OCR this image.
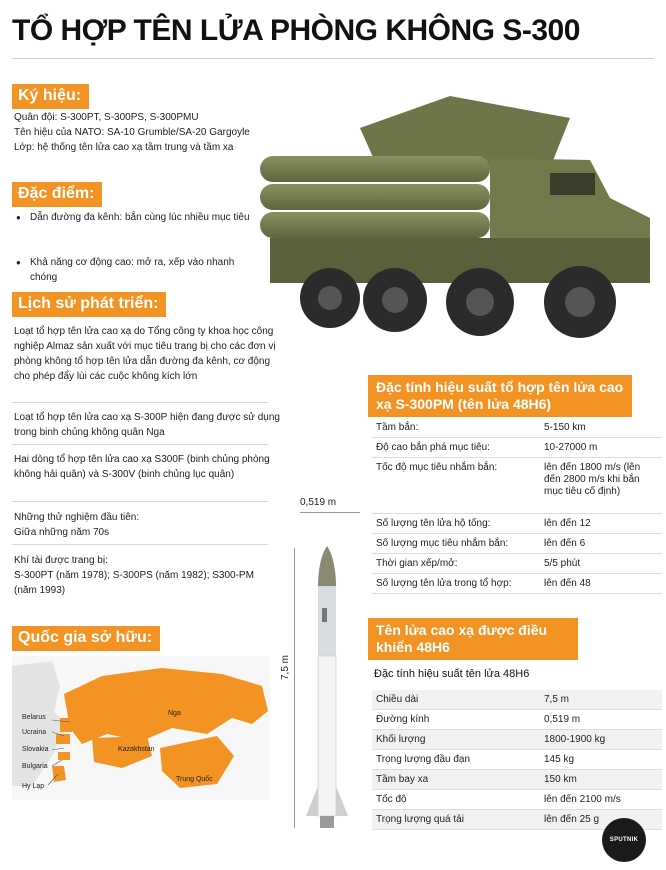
TỔ HỢP TÊN LỬA PHÒNG KHÔNG S-300
Ký hiệu:
Quân đội: S-300PT, S-300PS, S-300PMU
Tên hiệu của NATO: SA-10 Grumble/SA-20 Gargoyle
Lớp: hệ thống tên lửa cao xạ tầm trung và tầm xa
Đặc điểm:
● Dẫn đường đa kênh: bắn cùng lúc nhiều mục tiêu
● Khả năng cơ động cao: mở ra, xếp vào nhanh chóng
Lịch sử phát triển:
Loạt tổ hợp tên lửa cao xạ do Tổng công ty khoa học công nghiệp Almaz sản xuất với mục tiêu trang bị cho các đơn vị phòng không tổ hợp tên lửa dẫn đường đa kênh, cơ động cho phép đẩy lùi các cuộc không kích lớn
Loạt tổ hợp tên lửa cao xạ S-300P hiện đang được sử dụng trong binh chủng không quân Nga
Hai dòng tổ hợp tên lửa cao xạ S300F (binh chủng phòng không hải quân) và S-300V (binh chủng lục quân)
Những thử nghiệm đầu tiên:
Giữa những năm 70s
Khí tài được trang bị:
S-300PT (năm 1978); S-300PS (năm 1982); S300-PM (năm 1993)
Quốc gia sở hữu:
Belarus
Ucraina
Slovakia
Bulgaria
Hy Lạp
Nga
Kazakhstan
Trung Quốc
0,519 m
7,5 m
Đặc tính hiệu suất tổ hợp tên lửa cao xạ S-300PM (tên lửa 48H6)
Tầm bắn:	5-150 km
Độ cao bắn phá mục tiêu:	10-27000 m
Tốc độ mục tiêu nhắm bắn:	lên đến 1800 m/s (lên đến 2800 m/s khi bắn mục tiêu cố định)
Số lượng tên lửa hộ tống:	lên đến 12
Số lượng mục tiêu nhắm bắn:	lên đến 6
Thời gian xếp/mở:	5/5 phút
Số lượng tên lửa trong tổ hợp:	lên đến 48
Tên lửa cao xạ được điều khiển 48H6
Đặc tính hiệu suất tên lửa 48H6
Chiều dài	7,5 m
Đường kính	0,519 m
Khối lượng	1800-1900 kg
Trọng lượng đầu đạn	145 kg
Tầm bay xa	150 km
Tốc độ	lên đến 2100 m/s
Trọng lượng quá tải	lên đến 25 g
SPUTNIK
